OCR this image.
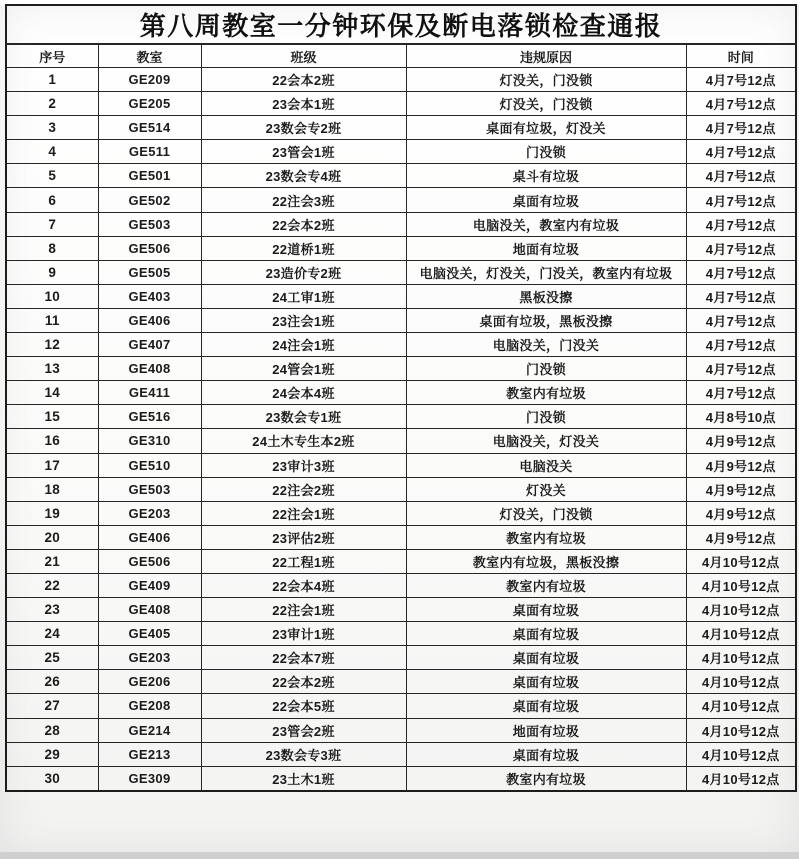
第八周教室一分钟环保及断电落锁检查通报				
序号	教室	班级	违规原因	时间
1	GE209	22会本2班	灯没关，门没锁	4月7号12点
2	GE205	23会本1班	灯没关，门没锁	4月7号12点
3	GE514	23数会专2班	桌面有垃圾，灯没关	4月7号12点
4	GE511	23管会1班	门没锁	4月7号12点
5	GE501	23数会专4班	桌斗有垃圾	4月7号12点
6	GE502	22注会3班	桌面有垃圾	4月7号12点
7	GE503	22会本2班	电脑没关，教室内有垃圾	4月7号12点
8	GE506	22道桥1班	地面有垃圾	4月7号12点
9	GE505	23造价专2班	电脑没关，灯没关，门没关，教室内有垃圾	4月7号12点
10	GE403	24工审1班	黑板没擦	4月7号12点
11	GE406	23注会1班	桌面有垃圾，黑板没擦	4月7号12点
12	GE407	24注会1班	电脑没关，门没关	4月7号12点
13	GE408	24管会1班	门没锁	4月7号12点
14	GE411	24会本4班	教室内有垃圾	4月7号12点
15	GE516	23数会专1班	门没锁	4月8号10点
16	GE310	24土木专生本2班	电脑没关，灯没关	4月9号12点
17	GE510	23审计3班	电脑没关	4月9号12点
18	GE503	22注会2班	灯没关	4月9号12点
19	GE203	22注会1班	灯没关，门没锁	4月9号12点
20	GE406	23评估2班	教室内有垃圾	4月9号12点
21	GE506	22工程1班	教室内有垃圾，黑板没擦	4月10号12点
22	GE409	22会本4班	教室内有垃圾	4月10号12点
23	GE408	22注会1班	桌面有垃圾	4月10号12点
24	GE405	23审计1班	桌面有垃圾	4月10号12点
25	GE203	22会本7班	桌面有垃圾	4月10号12点
26	GE206	22会本2班	桌面有垃圾	4月10号12点
27	GE208	22会本5班	桌面有垃圾	4月10号12点
28	GE214	23管会2班	地面有垃圾	4月10号12点
29	GE213	23数会专3班	桌面有垃圾	4月10号12点
30	GE309	23土木1班	教室内有垃圾	4月10号12点
